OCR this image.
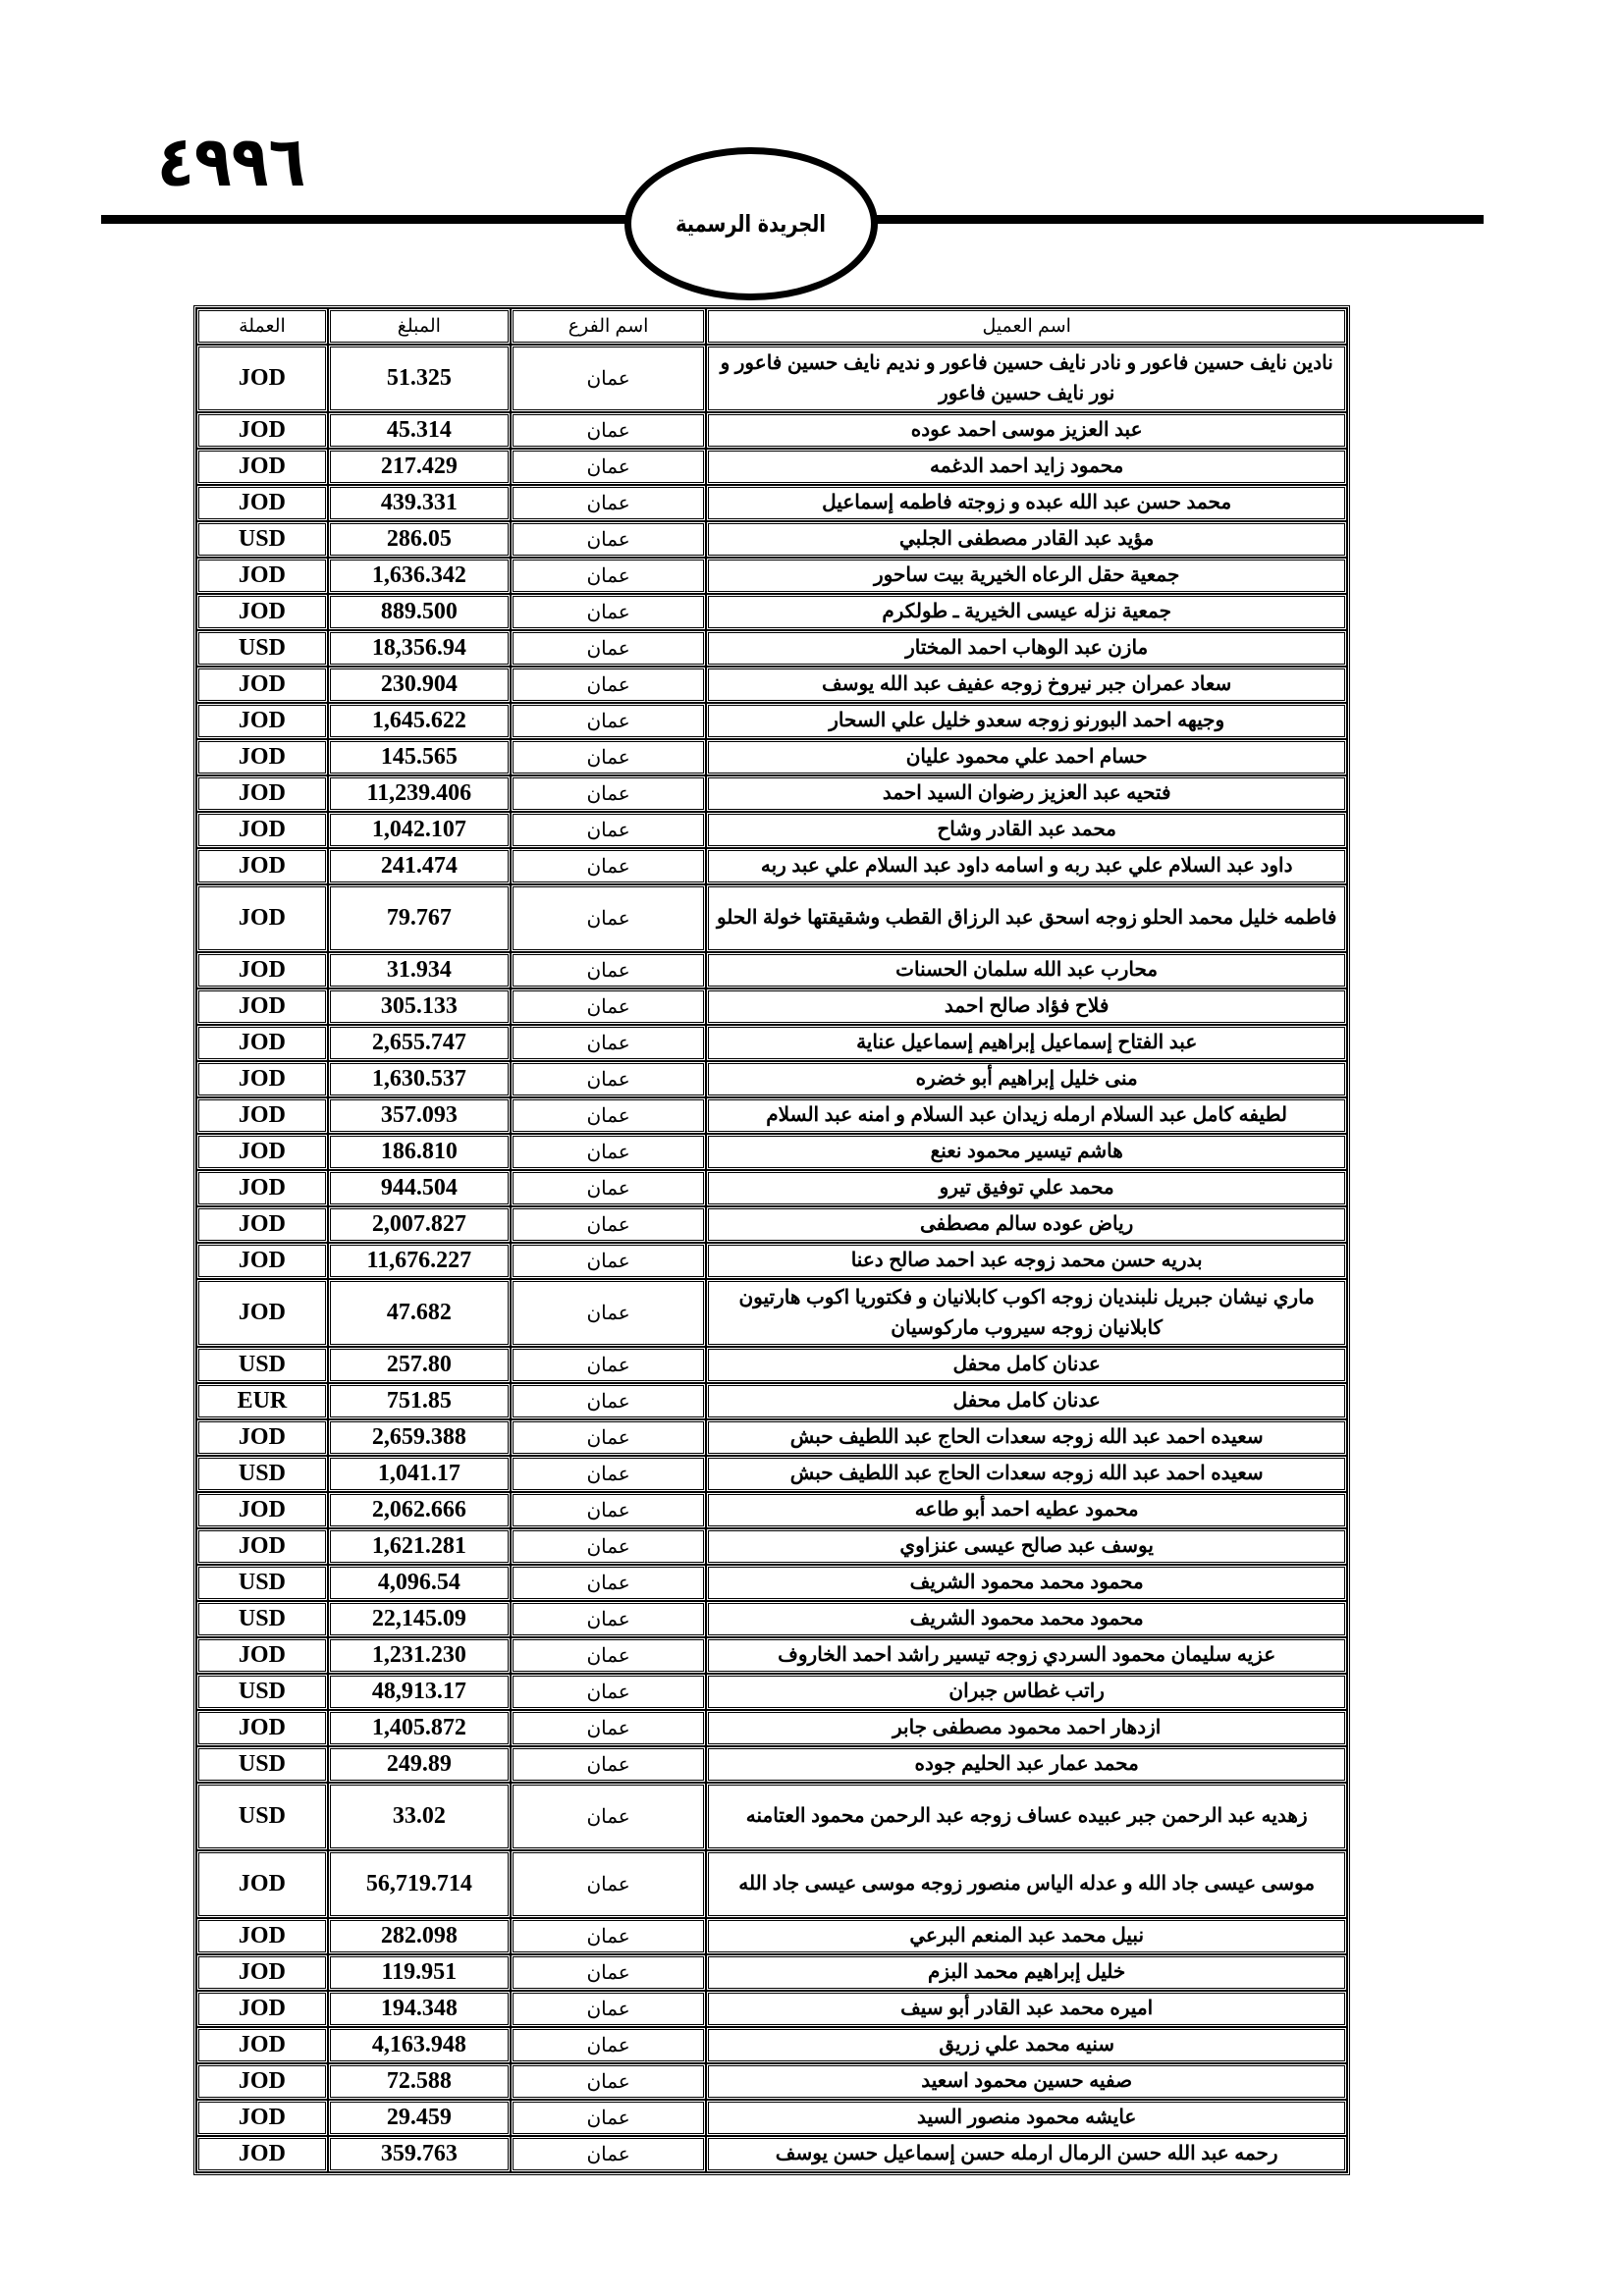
٤٩٩٦
الجريدة الرسمية
اسم العميل	اسم الفرع	المبلغ	العملة
نادين نايف حسين فاعور و نادر نايف حسين فاعور و نديم نايف حسين فاعور و نور نايف حسين فاعور	عمان	51.325	JOD
عبد العزيز موسى احمد عوده	عمان	45.314	JOD
محمود زايد احمد الدغمه	عمان	217.429	JOD
محمد حسن عبد الله عبده و زوجته فاطمه إسماعيل	عمان	439.331	JOD
مؤيد عبد القادر مصطفى الجلبي	عمان	286.05	USD
جمعية حقل الرعاه الخيرية بيت ساحور	عمان	1,636.342	JOD
جمعية نزله عيسى الخيرية ـ طولكرم	عمان	889.500	JOD
مازن عبد الوهاب احمد المختار	عمان	18,356.94	USD
سعاد عمران جبر نيروخ زوجه عفيف عبد الله يوسف	عمان	230.904	JOD
وجيهه احمد البورنو زوجه سعدو خليل علي السحار	عمان	1,645.622	JOD
حسام احمد علي محمود عليان	عمان	145.565	JOD
فتحيه عبد العزيز رضوان السيد احمد	عمان	11,239.406	JOD
محمد عبد القادر وشاح	عمان	1,042.107	JOD
داود عبد السلام علي عبد ربه و اسامه داود عبد السلام علي عبد ربه	عمان	241.474	JOD
فاطمه خليل محمد الحلو زوجه اسحق عبد الرزاق القطب وشقيقتها خولة الحلو	عمان	79.767	JOD
محارب عبد الله سلمان الحسنات	عمان	31.934	JOD
فلاح فؤاد صالح احمد	عمان	305.133	JOD
عبد الفتاح إسماعيل إبراهيم إسماعيل عناية	عمان	2,655.747	JOD
منى خليل إبراهيم أبو خضره	عمان	1,630.537	JOD
لطيفه كامل عبد السلام ارمله زيدان عبد السلام و امنه عبد السلام	عمان	357.093	JOD
هاشم تيسير محمود نعنع	عمان	186.810	JOD
محمد علي توفيق تيرو	عمان	944.504	JOD
رياض عوده سالم مصطفى	عمان	2,007.827	JOD
بدريه حسن محمد زوجه عبد احمد صالح دعنا	عمان	11,676.227	JOD
ماري نيشان جبريل نلبنديان زوجه اكوب كابلانيان و فكتوريا اكوب هارتيون كابلانيان زوجه سيروب ماركوسيان	عمان	47.682	JOD
عدنان كامل محفل	عمان	257.80	USD
عدنان كامل محفل	عمان	751.85	EUR
سعيده احمد عبد الله زوجه سعدات الحاج عبد اللطيف حبش	عمان	2,659.388	JOD
سعيده احمد عبد الله زوجه سعدات الحاج عبد اللطيف حبش	عمان	1,041.17	USD
محمود عطيه احمد أبو طاعه	عمان	2,062.666	JOD
يوسف عبد صالح عيسى عنزاوي	عمان	1,621.281	JOD
محمود محمد محمود الشريف	عمان	4,096.54	USD
محمود محمد محمود الشريف	عمان	22,145.09	USD
عزيه سليمان محمود السردي زوجه تيسير راشد احمد الخاروف	عمان	1,231.230	JOD
راتب غطاس جبران	عمان	48,913.17	USD
ازدهار احمد محمود مصطفى جابر	عمان	1,405.872	JOD
محمد عمار عبد الحليم جوده	عمان	249.89	USD
زهديه عبد الرحمن جبر عبيده عساف زوجه عبد الرحمن محمود العتامنه	عمان	33.02	USD
موسى عيسى جاد الله و عدله الياس منصور زوجه موسى عيسى جاد الله	عمان	56,719.714	JOD
نبيل محمد عبد المنعم البرعي	عمان	282.098	JOD
خليل إبراهيم محمد البزم	عمان	119.951	JOD
اميره محمد عبد القادر أبو سيف	عمان	194.348	JOD
سنيه محمد علي زريق	عمان	4,163.948	JOD
صفيه حسين محمود اسعيد	عمان	72.588	JOD
عايشه محمود منصور السيد	عمان	29.459	JOD
رحمه عبد الله حسن الرمال ارمله حسن إسماعيل حسن يوسف	عمان	359.763	JOD
